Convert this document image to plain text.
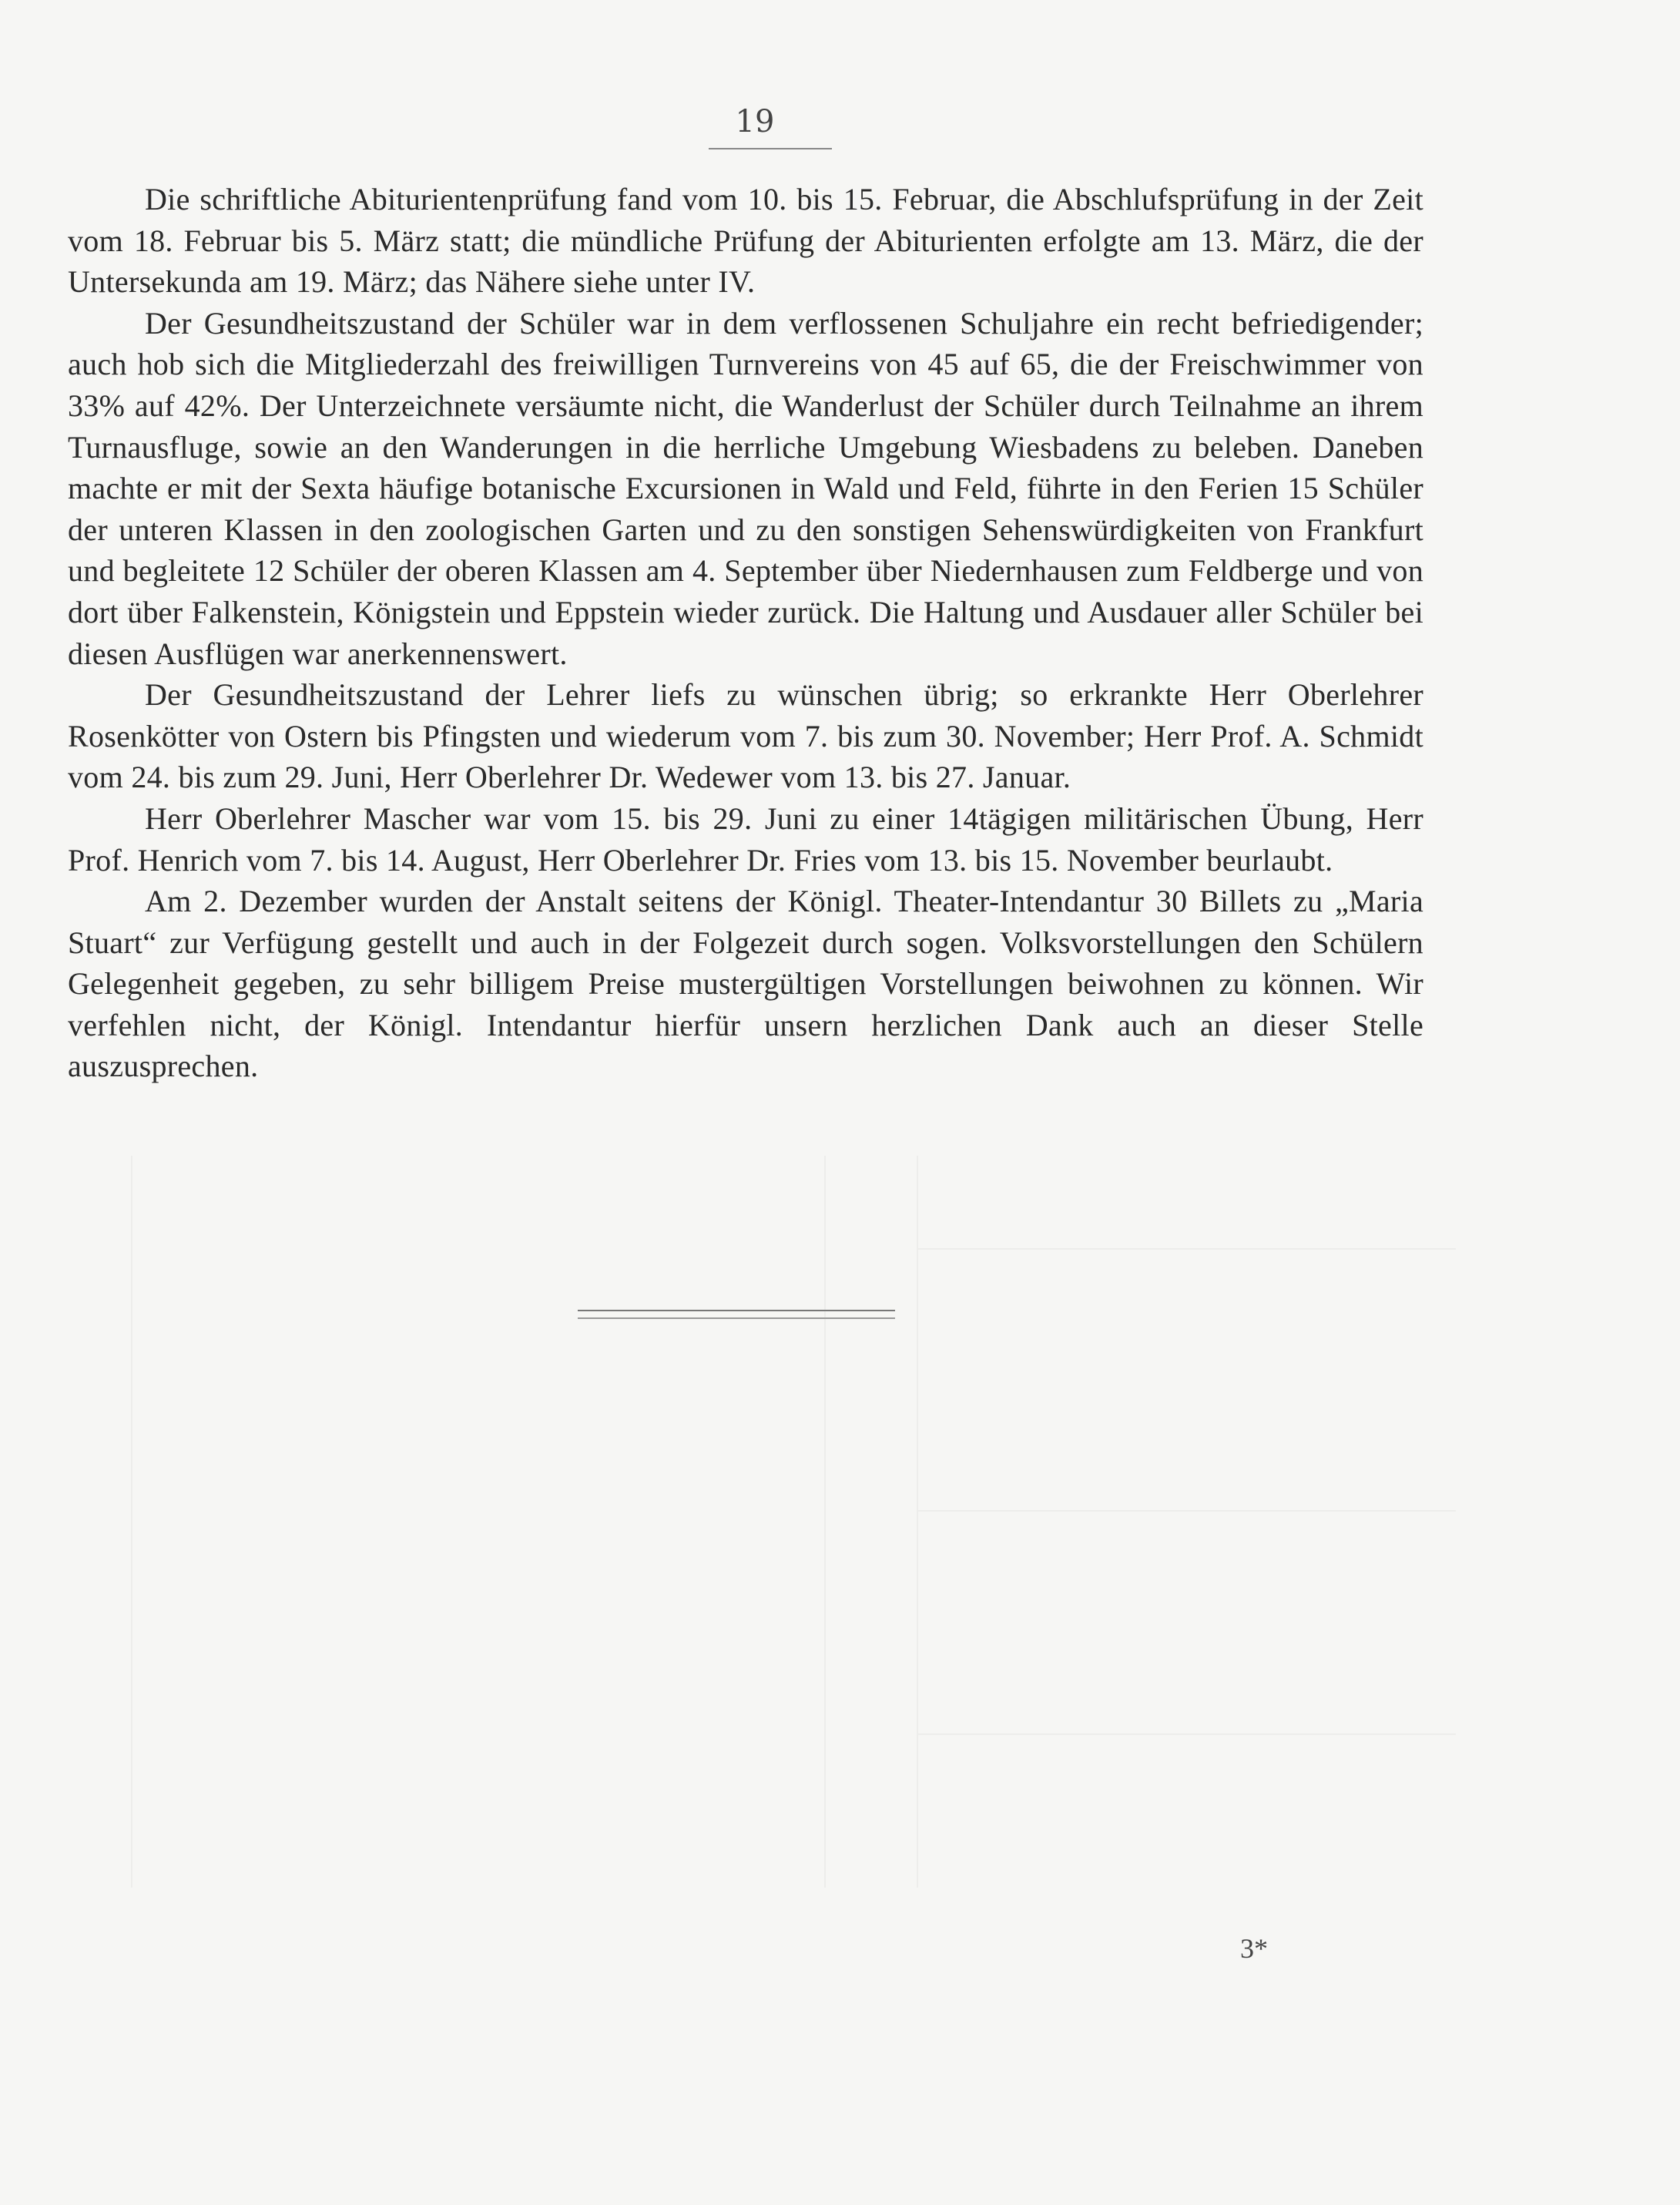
19

Die schriftliche Abiturientenprüfung fand vom 10. bis 15. Februar, die Abschlufsprüfung in der Zeit vom 18. Februar bis 5. März statt; die mündliche Prüfung der Abiturienten erfolgte am 13. März, die der Untersekunda am 19. März; das Nähere siehe unter IV.

Der Gesundheitszustand der Schüler war in dem verflossenen Schuljahre ein recht befriedigender; auch hob sich die Mitgliederzahl des freiwilligen Turnvereins von 45 auf 65, die der Freischwimmer von 33% auf 42%. Der Unterzeichnete versäumte nicht, die Wanderlust der Schüler durch Teilnahme an ihrem Turnausfluge, sowie an den Wanderungen in die herrliche Umgebung Wiesbadens zu beleben. Daneben machte er mit der Sexta häufige botanische Excursionen in Wald und Feld, führte in den Ferien 15 Schüler der unteren Klassen in den zoologischen Garten und zu den sonstigen Sehenswürdigkeiten von Frankfurt und begleitete 12 Schüler der oberen Klassen am 4. September über Niedernhausen zum Feldberge und von dort über Falkenstein, Königstein und Eppstein wieder zurück. Die Haltung und Ausdauer aller Schüler bei diesen Ausflügen war anerkennenswert.

Der Gesundheitszustand der Lehrer liefs zu wünschen übrig; so erkrankte Herr Oberlehrer Rosenkötter von Ostern bis Pfingsten und wiederum vom 7. bis zum 30. November; Herr Prof. A. Schmidt vom 24. bis zum 29. Juni, Herr Oberlehrer Dr. Wedewer vom 13. bis 27. Januar.

Herr Oberlehrer Mascher war vom 15. bis 29. Juni zu einer 14tägigen militärischen Übung, Herr Prof. Henrich vom 7. bis 14. August, Herr Oberlehrer Dr. Fries vom 13. bis 15. November beurlaubt.

Am 2. Dezember wurden der Anstalt seitens der Königl. Theater-Intendantur 30 Billets zu „Maria Stuart“ zur Verfügung gestellt und auch in der Folgezeit durch sogen. Volksvorstellungen den Schülern Gelegenheit gegeben, zu sehr billigem Preise mustergültigen Vorstellungen beiwohnen zu können. Wir verfehlen nicht, der Königl. Intendantur hierfür unsern herzlichen Dank auch an dieser Stelle auszusprechen.

3*
